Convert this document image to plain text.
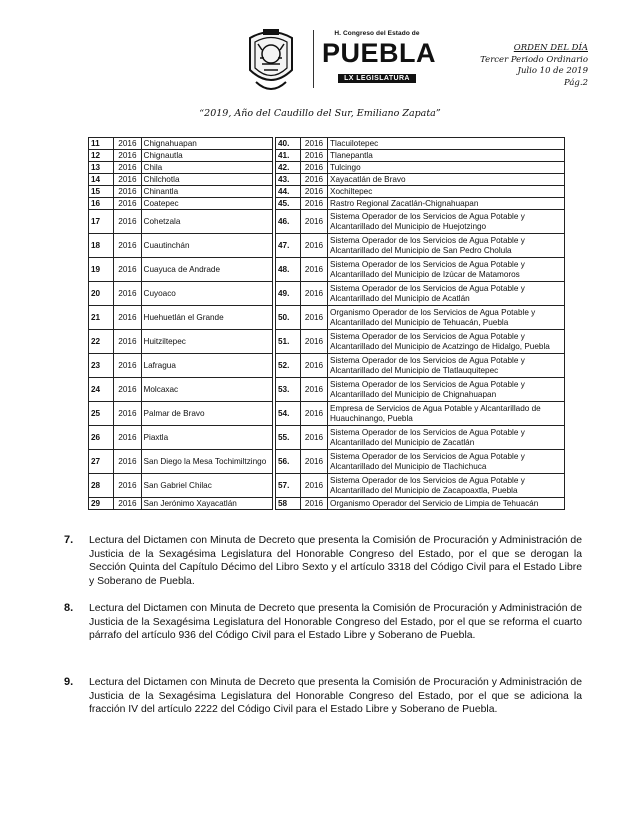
H. Congreso del Estado de
PUEBLA
LX LEGISLATURA
ORDEN DEL DÍA
Tercer Periodo Ordinario
Julio 10 de 2019
Pág.2
“2019, Año del Caudillo del Sur, Emiliano Zapata”
11	2016	Chignahuapan
12	2016	Chignautla
13	2016	Chila
14	2016	Chilchotla
15	2016	Chinantla
16	2016	Coatepec
17	2016	Cohetzala
18	2016	Cuautinchán
19	2016	Cuayuca de Andrade
20	2016	Cuyoaco
21	2016	Huehuetlán el Grande
22	2016	Huitziltepec
23	2016	Lafragua
24	2016	Molcaxac
25	2016	Palmar de Bravo
26	2016	Piaxtla
27	2016	San Diego la Mesa Tochimiltzingo
28	2016	San Gabriel Chilac
29	2016	San Jerónimo Xayacatlán
40.	2016	Tlacuilotepec
41.	2016	Tlanepantla
42.	2016	Tulcingo
43.	2016	Xayacatlán de Bravo
44.	2016	Xochiltepec
45.	2016	Rastro Regional Zacatlán-Chignahuapan
46.	2016	Sistema Operador de los Servicios de Agua Potable y Alcantarillado del Municipio de Huejotzingo
47.	2016	Sistema Operador de los Servicios de Agua Potable y Alcantarillado del Municipio de San Pedro Cholula
48.	2016	Sistema Operador de los Servicios de Agua Potable y Alcantarillado del Municipio de Izúcar de Matamoros
49.	2016	Sistema Operador de los Servicios de Agua Potable y Alcantarillado del Municipio de Acatlán
50.	2016	Organismo Operador de los Servicios de Agua Potable y Alcantarillado del Municipio de Tehuacán, Puebla
51.	2016	Sistema Operador de los Servicios de Agua Potable y Alcantarillado del Municipio de Acatzingo de Hidalgo, Puebla
52.	2016	Sistema Operador de los Servicios de Agua Potable y Alcantarillado del Municipio de Tlatlauquitepec
53.	2016	Sistema Operador de los Servicios de Agua Potable y Alcantarillado del Municipio de Chignahuapan
54.	2016	Empresa de Servicios de Agua Potable y Alcantarillado de Huauchinango, Puebla
55.	2016	Sistema Operador de los Servicios de Agua Potable y Alcantarillado del Municipio de Zacatlán
56.	2016	Sistema Operador de los Servicios de Agua Potable y Alcantarillado del Municipio de Tlachichuca
57.	2016	Sistema Operador de los Servicios de Agua Potable y Alcantarillado del Municipio de Zacapoaxtla, Puebla
58	2016	Organismo Operador del Servicio de Limpia de Tehuacán
7. Lectura del Dictamen con Minuta de Decreto que presenta la Comisión de Procuración y Administración de Justicia de la Sexagésima Legislatura del Honorable Congreso del Estado, por el que se derogan la Sección Quinta del Capítulo Décimo del Libro Sexto y el artículo 3318 del Código Civil para el Estado Libre y Soberano de Puebla.
8. Lectura del Dictamen con Minuta de Decreto que presenta la Comisión de Procuración y Administración de Justicia de la Sexagésima Legislatura del Honorable Congreso del Estado, por el que se reforma el cuarto párrafo del artículo 936 del Código Civil para el Estado Libre y Soberano de Puebla.
9. Lectura del Dictamen con Minuta de Decreto que presenta la Comisión de Procuración y Administración de Justicia de la Sexagésima Legislatura del Honorable Congreso del Estado, por el que se adiciona la fracción IV del artículo 2222 del Código Civil para el Estado Libre y Soberano de Puebla.
